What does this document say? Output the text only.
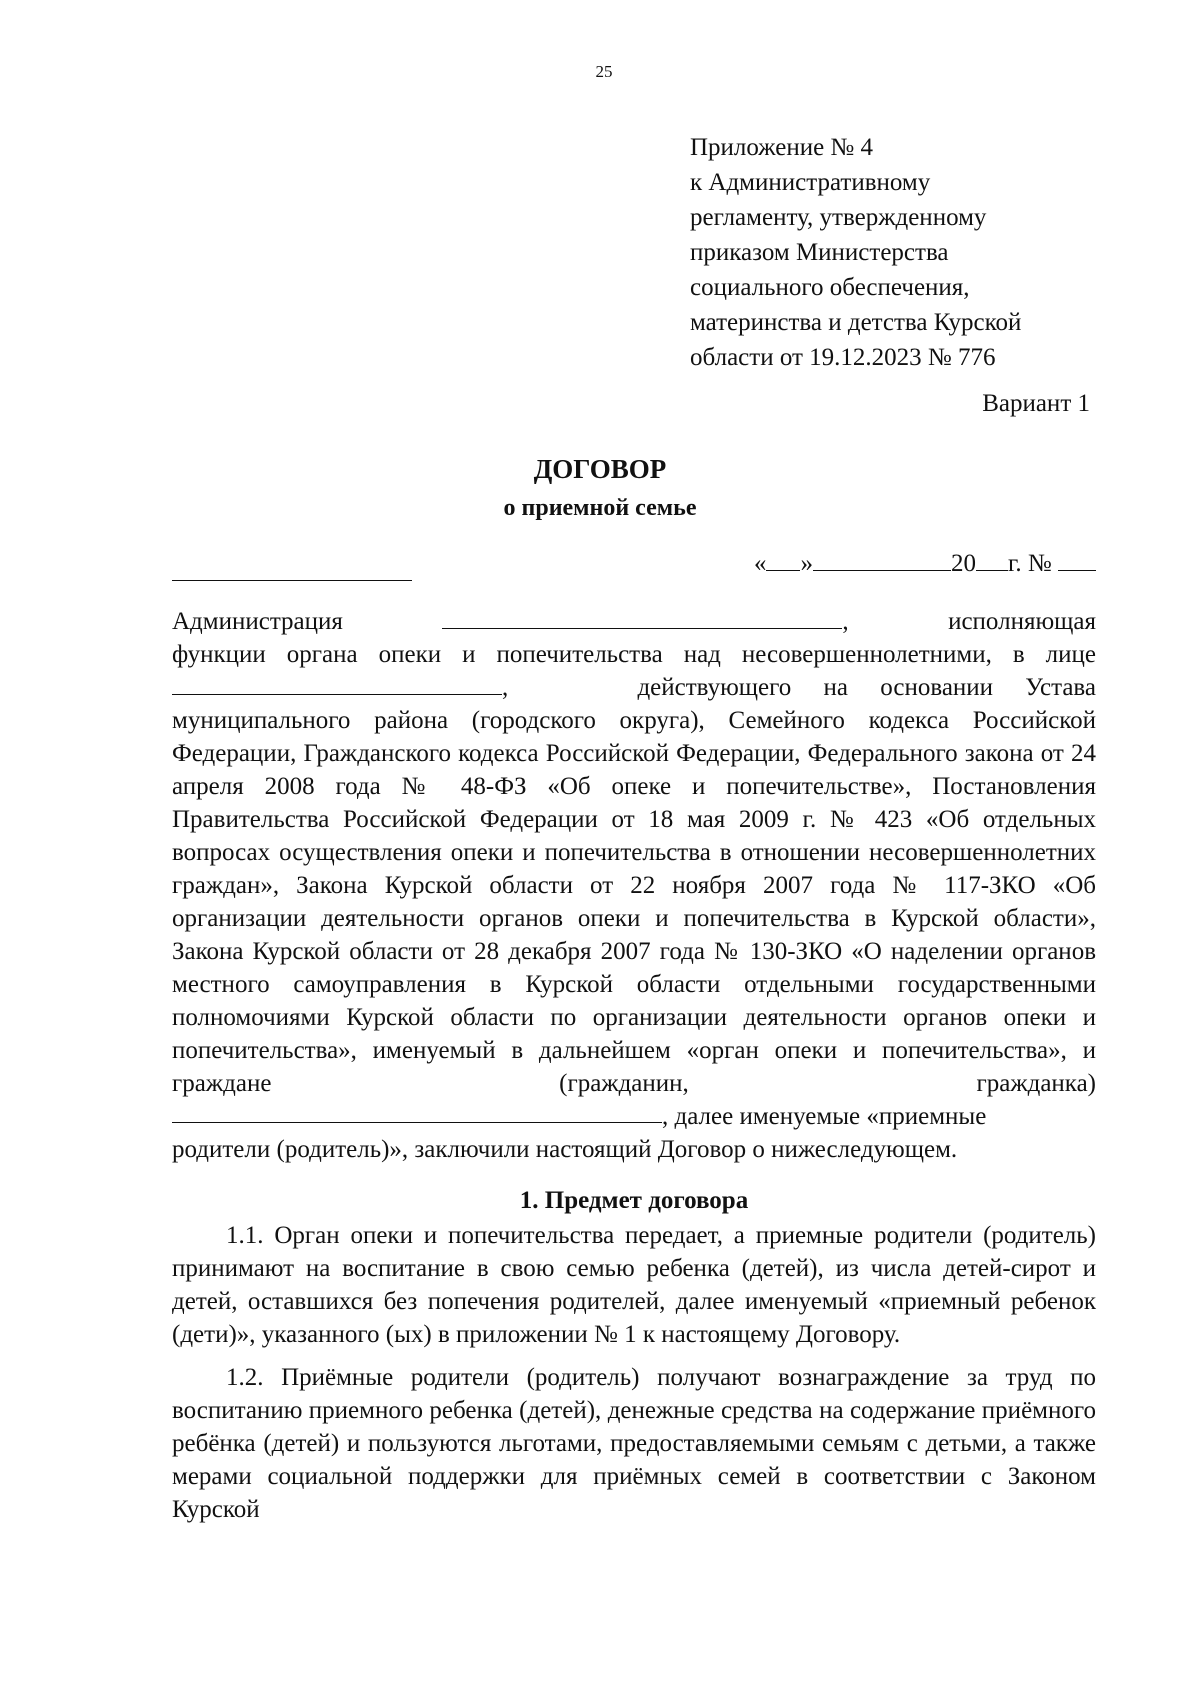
25
Приложение № 4
к Административному
регламенту, утвержденному
приказом Министерства
социального обеспечения,
материнства и детства Курской
области от 19.12.2023 № 776
Вариант 1
ДОГОВОР
о приемной семье
« »	20 г. №
Администрация	,	исполняющая

функции органа опеки и попечительства над несовершеннолетними, в лице

,	действующего на основании Устава

муниципального района (городского округа), Семейного кодекса Российской Федерации, Гражданского кодекса Российской Федерации, Федерального закона от 24 апреля 2008 года № 48-ФЗ «Об опеке и попечительстве», Постановления Правительства Российской Федерации от 18 мая 2009 г. № 423 «Об отдельных вопросах осуществления опеки и попечительства в отношении несовершеннолетних граждан», Закона Курской области от 22 ноября 2007 года № 117-ЗКО «Об организации деятельности органов опеки и попечительства в Курской области», Закона Курской области от 28 декабря 2007 года № 130-ЗКО «О наделении органов местного самоуправления в Курской области отдельными государственными полномочиями Курской области по организации деятельности органов опеки и попечительства», именуемый в дальнейшем «орган опеки и попечительства», и граждане (гражданин, гражданка)

, далее именуемые «приемные

родители (родитель)», заключили настоящий Договор о нижеследующем.

1. Предмет договора

1.1. Орган опеки и попечительства передает, а приемные родители (родитель) принимают на воспитание в свою семью ребенка (детей), из числа детей-сирот и детей, оставшихся без попечения родителей, далее именуемый «приемный ребенок (дети)», указанного (ых) в приложении № 1 к настоящему Договору.

1.2. Приёмные родители (родитель) получают вознаграждение за труд по воспитанию приемного ребенка (детей), денежные средства на содержание приёмного ребёнка (детей) и пользуются льготами, предоставляемыми семьям с детьми, а также мерами социальной поддержки для приёмных семей в соответствии с Законом Курской
